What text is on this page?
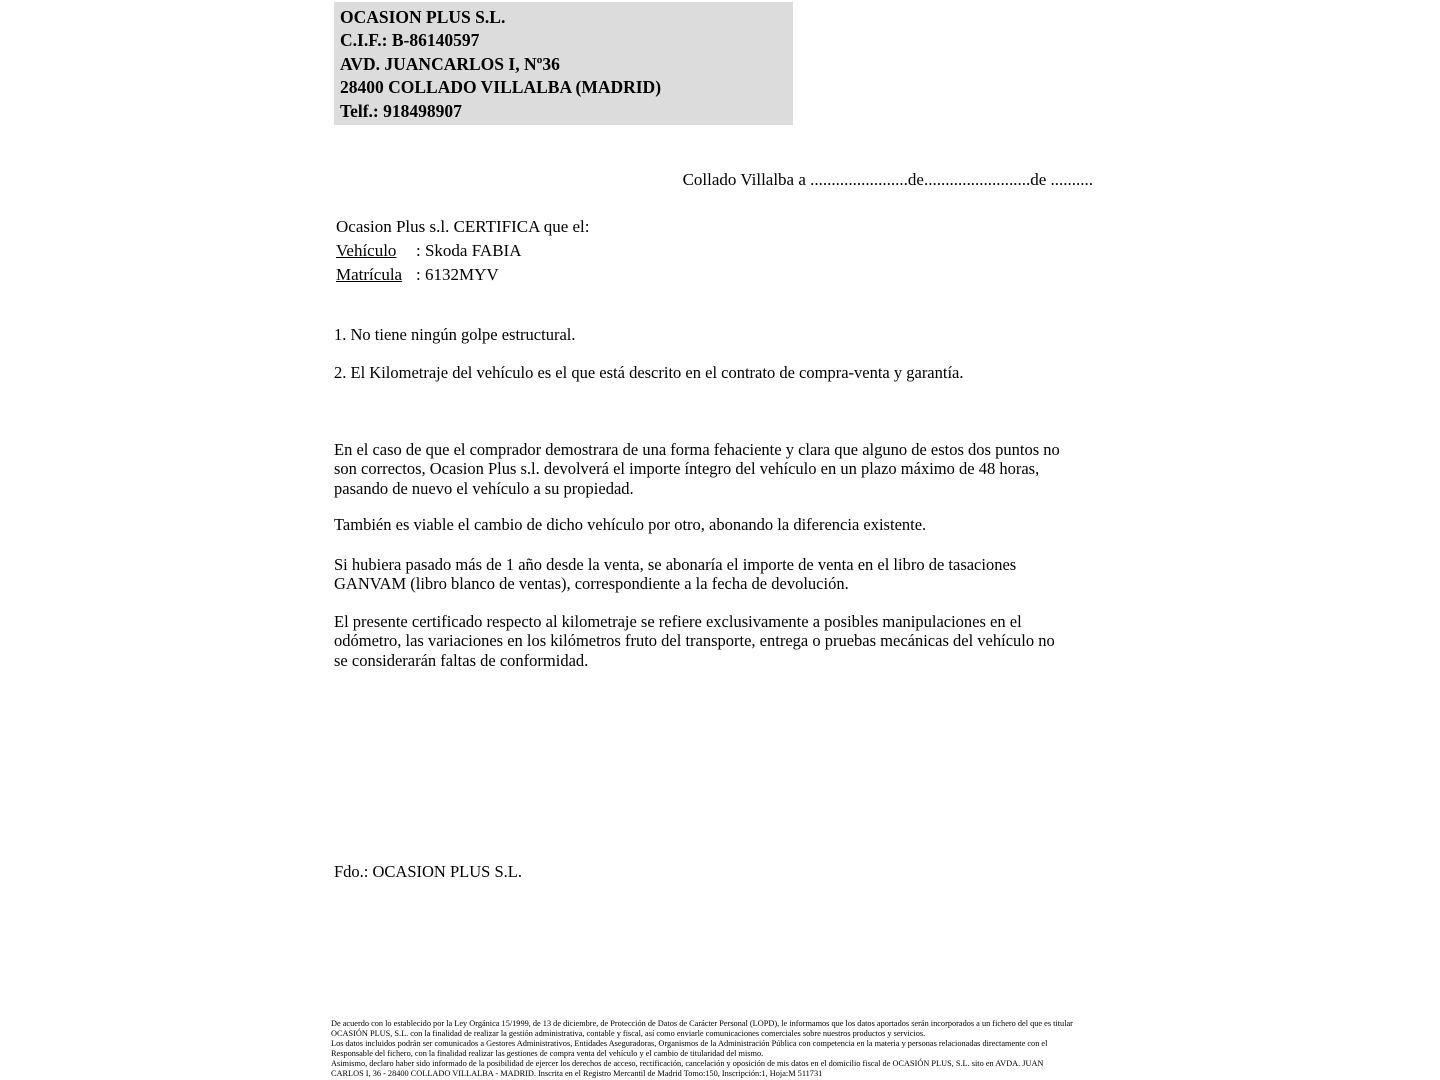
OCASION PLUS S.L.
C.I.F.: B-86140597
AVD. JUANCARLOS I, Nº36
28400 COLLADO VILLALBA (MADRID)
Telf.: 918498907
Collado Villalba a .......................de.........................de ..........
Ocasion Plus s.l. CERTIFICA que el:
Vehículo : Skoda FABIA
Matrícula : 6132MYV
1. No tiene ningún golpe estructural.
2. El Kilometraje del vehículo es el que está descrito en el contrato de compra-venta y garantía.
En el caso de que el comprador demostrara de una forma fehaciente y clara que alguno de estos dos puntos no
son correctos, Ocasion Plus s.l. devolverá el importe íntegro del vehículo en un plazo máximo de 48 horas,
pasando de nuevo el vehículo a su propiedad.
También es viable el cambio de dicho vehículo por otro, abonando la diferencia existente.
Si hubiera pasado más de 1 año desde la venta, se abonaría el importe de venta en el libro de tasaciones
GANVAM (libro blanco de ventas), correspondiente a la fecha de devolución.
El presente certificado respecto al kilometraje se refiere exclusivamente a posibles manipulaciones en el
odómetro, las variaciones en los kilómetros fruto del transporte, entrega o pruebas mecánicas del vehículo no
se considerarán faltas de conformidad.
Fdo.: OCASION PLUS S.L.
De acuerdo con lo establecido por la Ley Orgánica 15/1999, de 13 de diciembre, de Protección de Datos de Carácter Personal (LOPD), le informamos que los datos aportados serán incorporados a un fichero del que es titular
OCASIÓN PLUS, S.L. con la finalidad de realizar la gestión administrativa, contable y fiscal, así como enviarle comunicaciones comerciales sobre nuestros productos y servicios.
Los datos incluidos podrán ser comunicados a Gestores Administrativos, Entidades Aseguradoras, Organismos de la Administración Pública con competencia en la materia y personas relacionadas directamente con el
Responsable del fichero, con la finalidad realizar las gestiones de compra venta del vehículo y el cambio de titularidad del mismo.
Asimismo, declaro haber sido informado de la posibilidad de ejercer los derechos de acceso, rectificación, cancelación y oposición de mis datos en el domicilio fiscal de OCASIÓN PLUS, S.L. sito en AVDA. JUAN
CARLOS I, 36 - 28400 COLLADO VILLALBA - MADRID. Inscrita en el Registro Mercantil de Madrid Tomo:150, Inscripción:1, Hoja:M 511731
